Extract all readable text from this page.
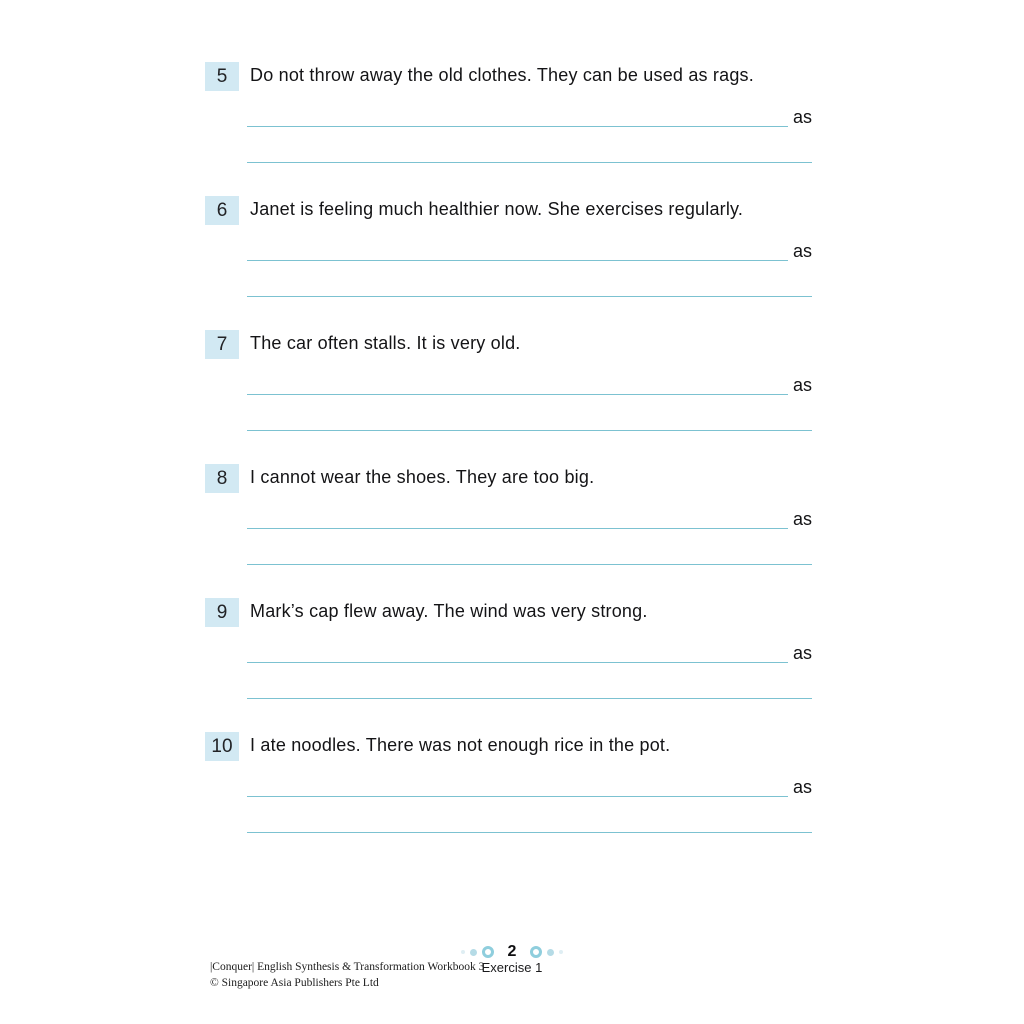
5	Do not throw away the old clothes. They can be used as rags.
as
6	Janet is feeling much healthier now. She exercises regularly.
as
7	The car often stalls. It is very old.
as
8	I cannot wear the shoes. They are too big.
as
9	Mark’s cap flew away. The wind was very strong.
as
10 I ate noodles. There was not enough rice in the pot.
as
2
Exercise 1
|Conquer| English Synthesis & Transformation Workbook 3
© Singapore Asia Publishers Pte Ltd
